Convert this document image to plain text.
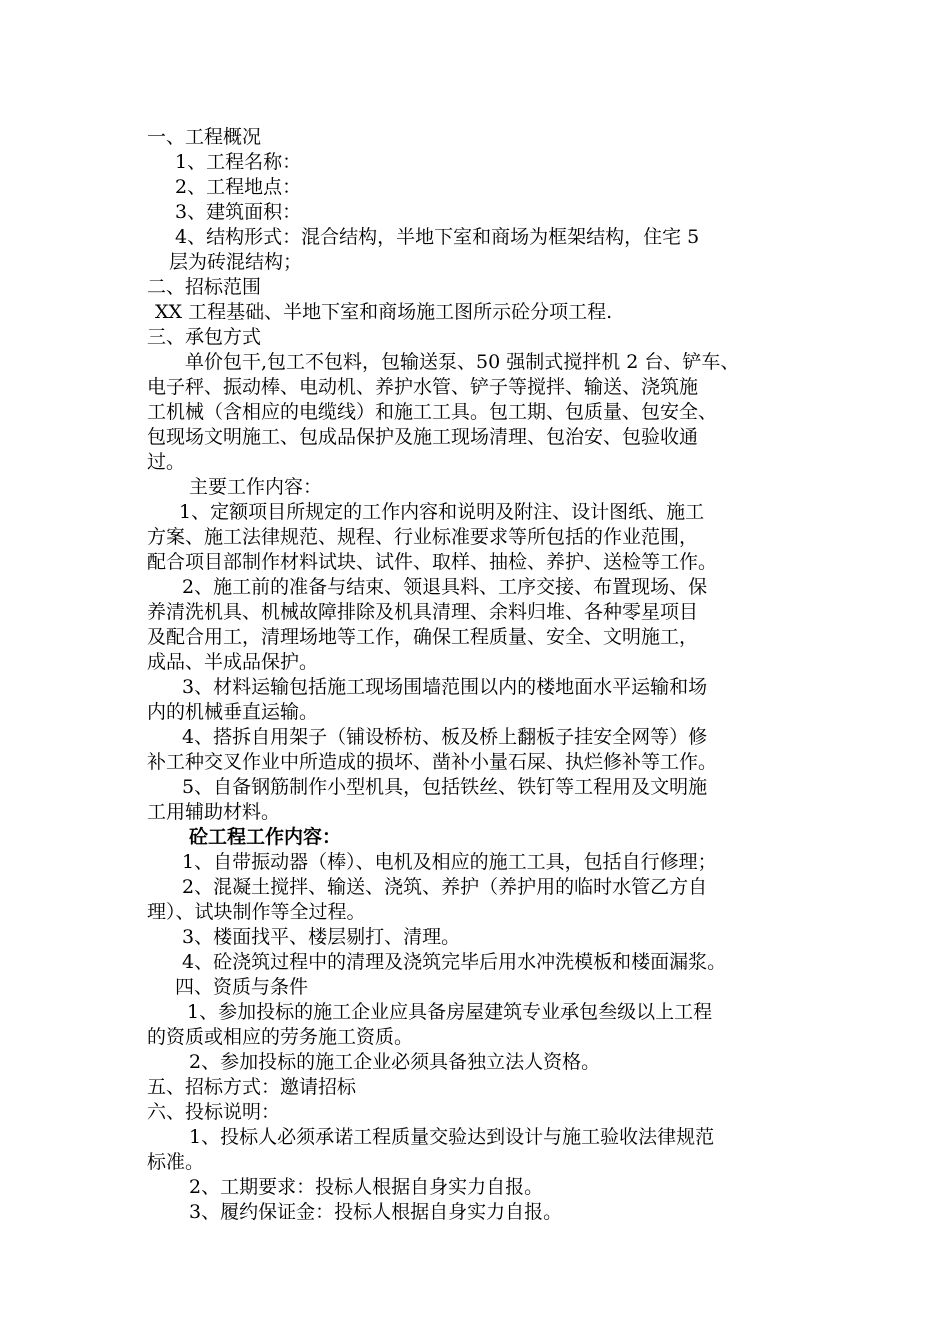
一、工程概况
1、工程名称：
2、工程地点：
3、建筑面积：
4、结构形式：混合结构，半地下室和商场为框架结构，住宅 5
层为砖混结构；
二、招标范围
XX 工程基础、半地下室和商场施工图所示砼分项工程.
三、承包方式
单价包干,包工不包料，包输送泵、50 强制式搅拌机 2 台、铲车、
电子秤、振动棒、电动机、养护水管、铲子等搅拌、输送、浇筑施
工机械（含相应的电缆线）和施工工具。包工期、包质量、包安全、
包现场文明施工、包成品保护及施工现场清理、包治安、包验收通
过。
主要工作内容：
1、定额项目所规定的工作内容和说明及附注、设计图纸、施工
方案、施工法律规范、规程、行业标准要求等所包括的作业范围，
配合项目部制作材料试块、试件、取样、抽检、养护、送检等工作。
2、施工前的准备与结束、领退具料、工序交接、布置现场、保
养清洗机具、机械故障排除及机具清理、余料归堆、各种零星项目
及配合用工，清理场地等工作，确保工程质量、安全、文明施工，
成品、半成品保护。
3、材料运输包括施工现场围墙范围以内的楼地面水平运输和场
内的机械垂直运输。
4、搭拆自用架子（铺设桥枋、板及桥上翻板子挂安全网等）修
补工种交叉作业中所造成的损坏、凿补小量石屎、执烂修补等工作。
5、自备钢筋制作小型机具，包括铁丝、铁钉等工程用及文明施
工用辅助材料。
砼工程工作内容：
1、自带振动器（棒）、电机及相应的施工工具，包括自行修理；
2、混凝土搅拌、输送、浇筑、养护（养护用的临时水管乙方自
理）、试块制作等全过程。
3、楼面找平、楼层剔打、清理。
4、砼浇筑过程中的清理及浇筑完毕后用水冲洗模板和楼面漏浆。
四、资质与条件
1、参加投标的施工企业应具备房屋建筑专业承包叁级以上工程
的资质或相应的劳务施工资质。
2、参加投标的施工企业必须具备独立法人资格。
五、招标方式：邀请招标
六、投标说明：
1、投标人必须承诺工程质量交验达到设计与施工验收法律规范
标准。
2、工期要求：投标人根据自身实力自报。
3、履约保证金：投标人根据自身实力自报。
